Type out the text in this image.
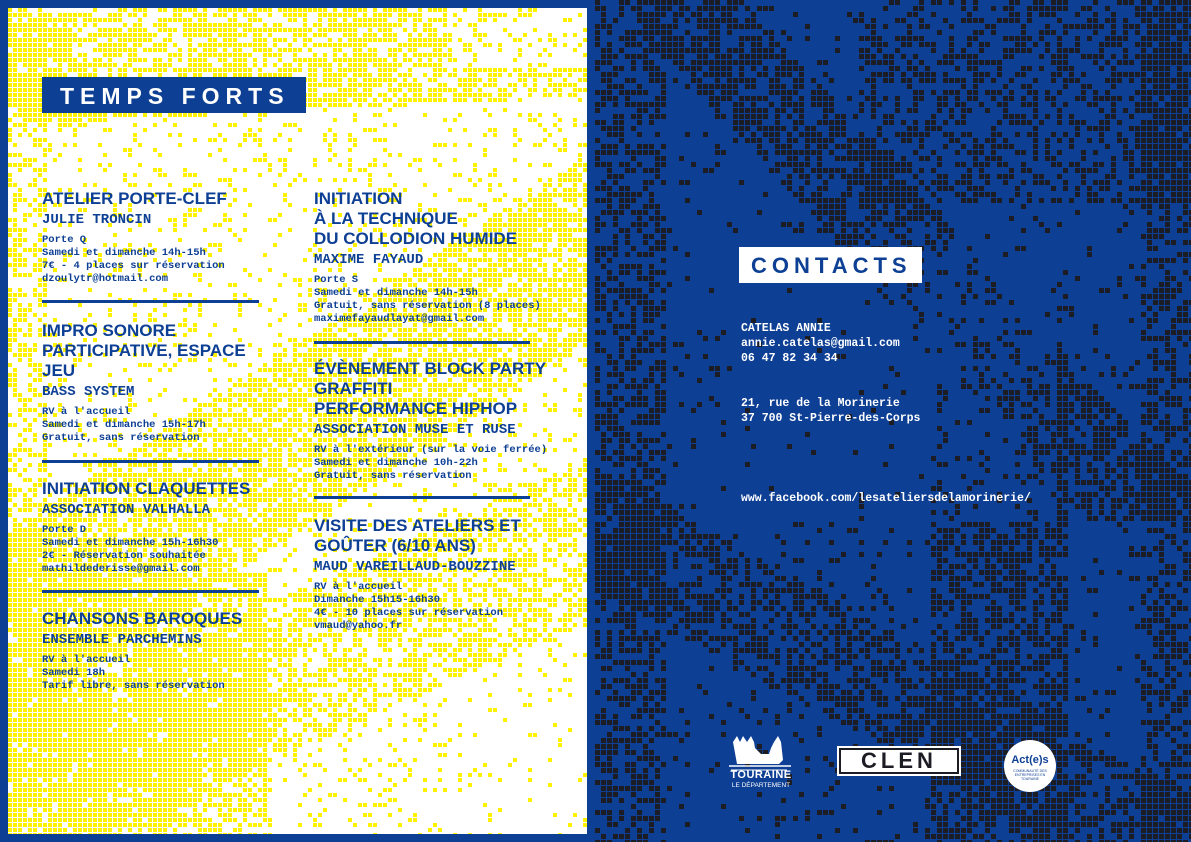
TEMPS FORTS
ATELIER PORTE-CLEF
JULIE TRONCIN
Porte Q
Samedi et dimanche 14h-15h
7€ - 4 places sur réservation
dzoulytr@hotmail.com
IMPRO SONORE
PARTICIPATIVE, ESPACE
JEU
BASS SYSTEM
RV à l'accueil
Samedi et dimanche 15h-17h
Gratuit, sans réservation
INITIATION CLAQUETTES
ASSOCIATION VALHALLA
Porte D
Samedi et dimanche 15h-16h30
2€ - Réservation souhaitée
mathildederisse@gmail.com
CHANSONS BAROQUES
ENSEMBLE PARCHEMINS
RV à l'accueil
Samedi 18h
Tarif libre, sans réservation
INITIATION
À LA TECHNIQUE
DU COLLODION HUMIDE
MAXIME FAYAUD
Porte S
Samedi et dimanche 14h-15h
Gratuit, sans réservation (8 places)
maximefayaudlayat@gmail.com
ÉVÈNEMENT BLOCK PARTY
GRAFFITI
PERFORMANCE HIPHOP
ASSOCIATION MUSE ET RUSE
RV à l'extérieur (sur la voie ferrée)
Samedi et dimanche 10h-22h
Gratuit, sans réservation
VISITE DES ATELIERS ET
GOÛTER (6/10 ANS)
MAUD VAREILLAUD-BOUZZINE
RV à l'accueil
Dimanche 15h15-16h30
4€ - 10 places sur réservation
vmaud@yahoo.fr
CONTACTS
CATELAS ANNIE
annie.catelas@gmail.com
06 47 82 34 34
21, rue de la Morinerie
37 700 St-Pierre-des-Corps
www.facebook.com/lesateliersdelamorinerie/
TOURAINE
LE DÉPARTEMENT
CLEN	Act(e)s
COMMUNAUTÉ DES ENTREPRISES EN TOURAINE
